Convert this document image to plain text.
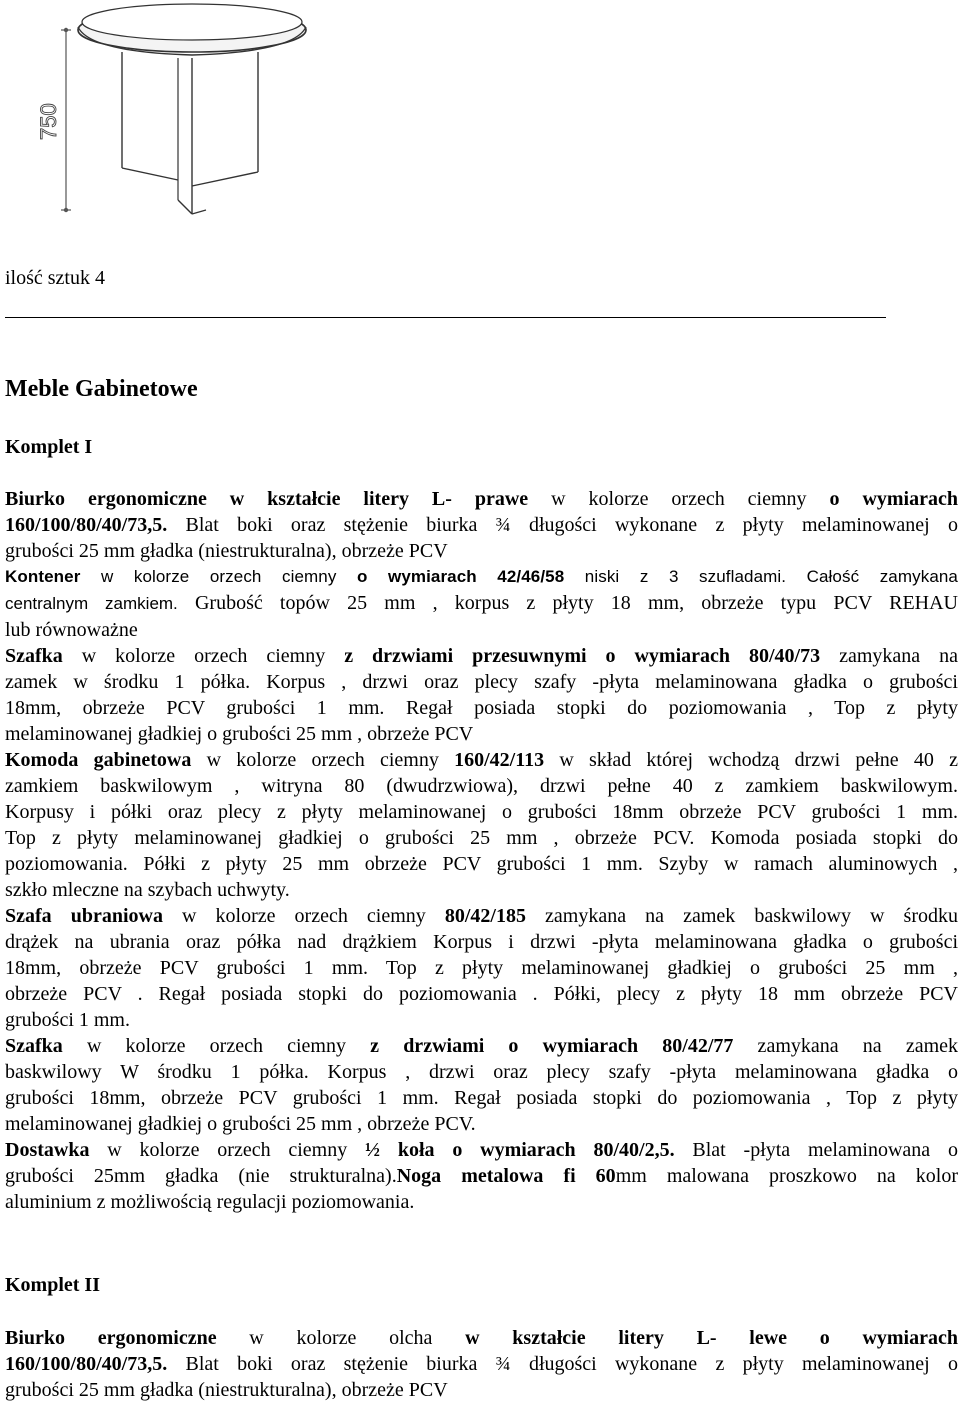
750
ilość sztuk 4
Meble Gabinetowe
Komplet I
Biurko ergonomiczne w kształcie litery L- prawe w kolorze orzech ciemny o wymiarach
160/100/80/40/73,5. Blat boki oraz stężenie biurka ¾ długości wykonane z płyty melaminowanej o
grubości 25 mm gładka (niestrukturalna), obrzeże PCV
Kontener w kolorze orzech ciemny o wymiarach 42/46/58 niski z 3 szufladami. Całość zamykana
centralnym zamkiem. Grubość topów 25 mm , korpus z płyty 18 mm, obrzeże typu PCV REHAU
lub równoważne
Szafka w kolorze orzech ciemny z drzwiami przesuwnymi o wymiarach 80/40/73 zamykana na
zamek w środku 1 półka. Korpus , drzwi oraz plecy szafy -płyta melaminowana gładka o grubości
18mm, obrzeże PCV grubości 1 mm. Regał posiada stopki do poziomowania , Top z płyty
melaminowanej gładkiej o grubości 25 mm , obrzeże PCV
Komoda gabinetowa w kolorze orzech ciemny 160/42/113 w skład której wchodzą drzwi pełne 40 z
zamkiem baskwilowym , witryna 80 (dwudrzwiowa), drzwi pełne 40 z zamkiem baskwilowym.
Korpusy i półki oraz plecy z płyty melaminowanej o grubości 18mm obrzeże PCV grubości 1 mm.
Top z płyty melaminowanej gładkiej o grubości 25 mm , obrzeże PCV. Komoda posiada stopki do
poziomowania. Półki z płyty 25 mm obrzeże PCV grubości 1 mm. Szyby w ramach aluminowych ,
szkło mleczne na szybach uchwyty.
Szafa ubraniowa w kolorze orzech ciemny 80/42/185 zamykana na zamek baskwilowy w środku
drążek na ubrania oraz półka nad drążkiem Korpus i drzwi -płyta melaminowana gładka o grubości
18mm, obrzeże PCV grubości 1 mm. Top z płyty melaminowanej gładkiej o grubości 25 mm ,
obrzeże PCV . Regał posiada stopki do poziomowania . Półki, plecy z płyty 18 mm obrzeże PCV
grubości 1 mm.
Szafka w kolorze orzech ciemny z drzwiami o wymiarach 80/42/77 zamykana na zamek
baskwilowy W środku 1 półka. Korpus , drzwi oraz plecy szafy -płyta melaminowana gładka o
grubości 18mm, obrzeże PCV grubości 1 mm. Regał posiada stopki do poziomowania , Top z płyty
melaminowanej gładkiej o grubości 25 mm , obrzeże PCV.
Dostawka w kolorze orzech ciemny ½ koła o wymiarach 80/40/2,5. Blat -płyta melaminowana o
grubości 25mm gładka (nie strukturalna).Noga metalowa fi 60mm malowana proszkowo na kolor
aluminium z możliwością regulacji poziomowania.
Komplet II
Biurko ergonomiczne w kolorze olcha w kształcie litery L- lewe o wymiarach
160/100/80/40/73,5. Blat boki oraz stężenie biurka ¾ długości wykonane z płyty melaminowanej o
grubości 25 mm gładka (niestrukturalna), obrzeże PCV
